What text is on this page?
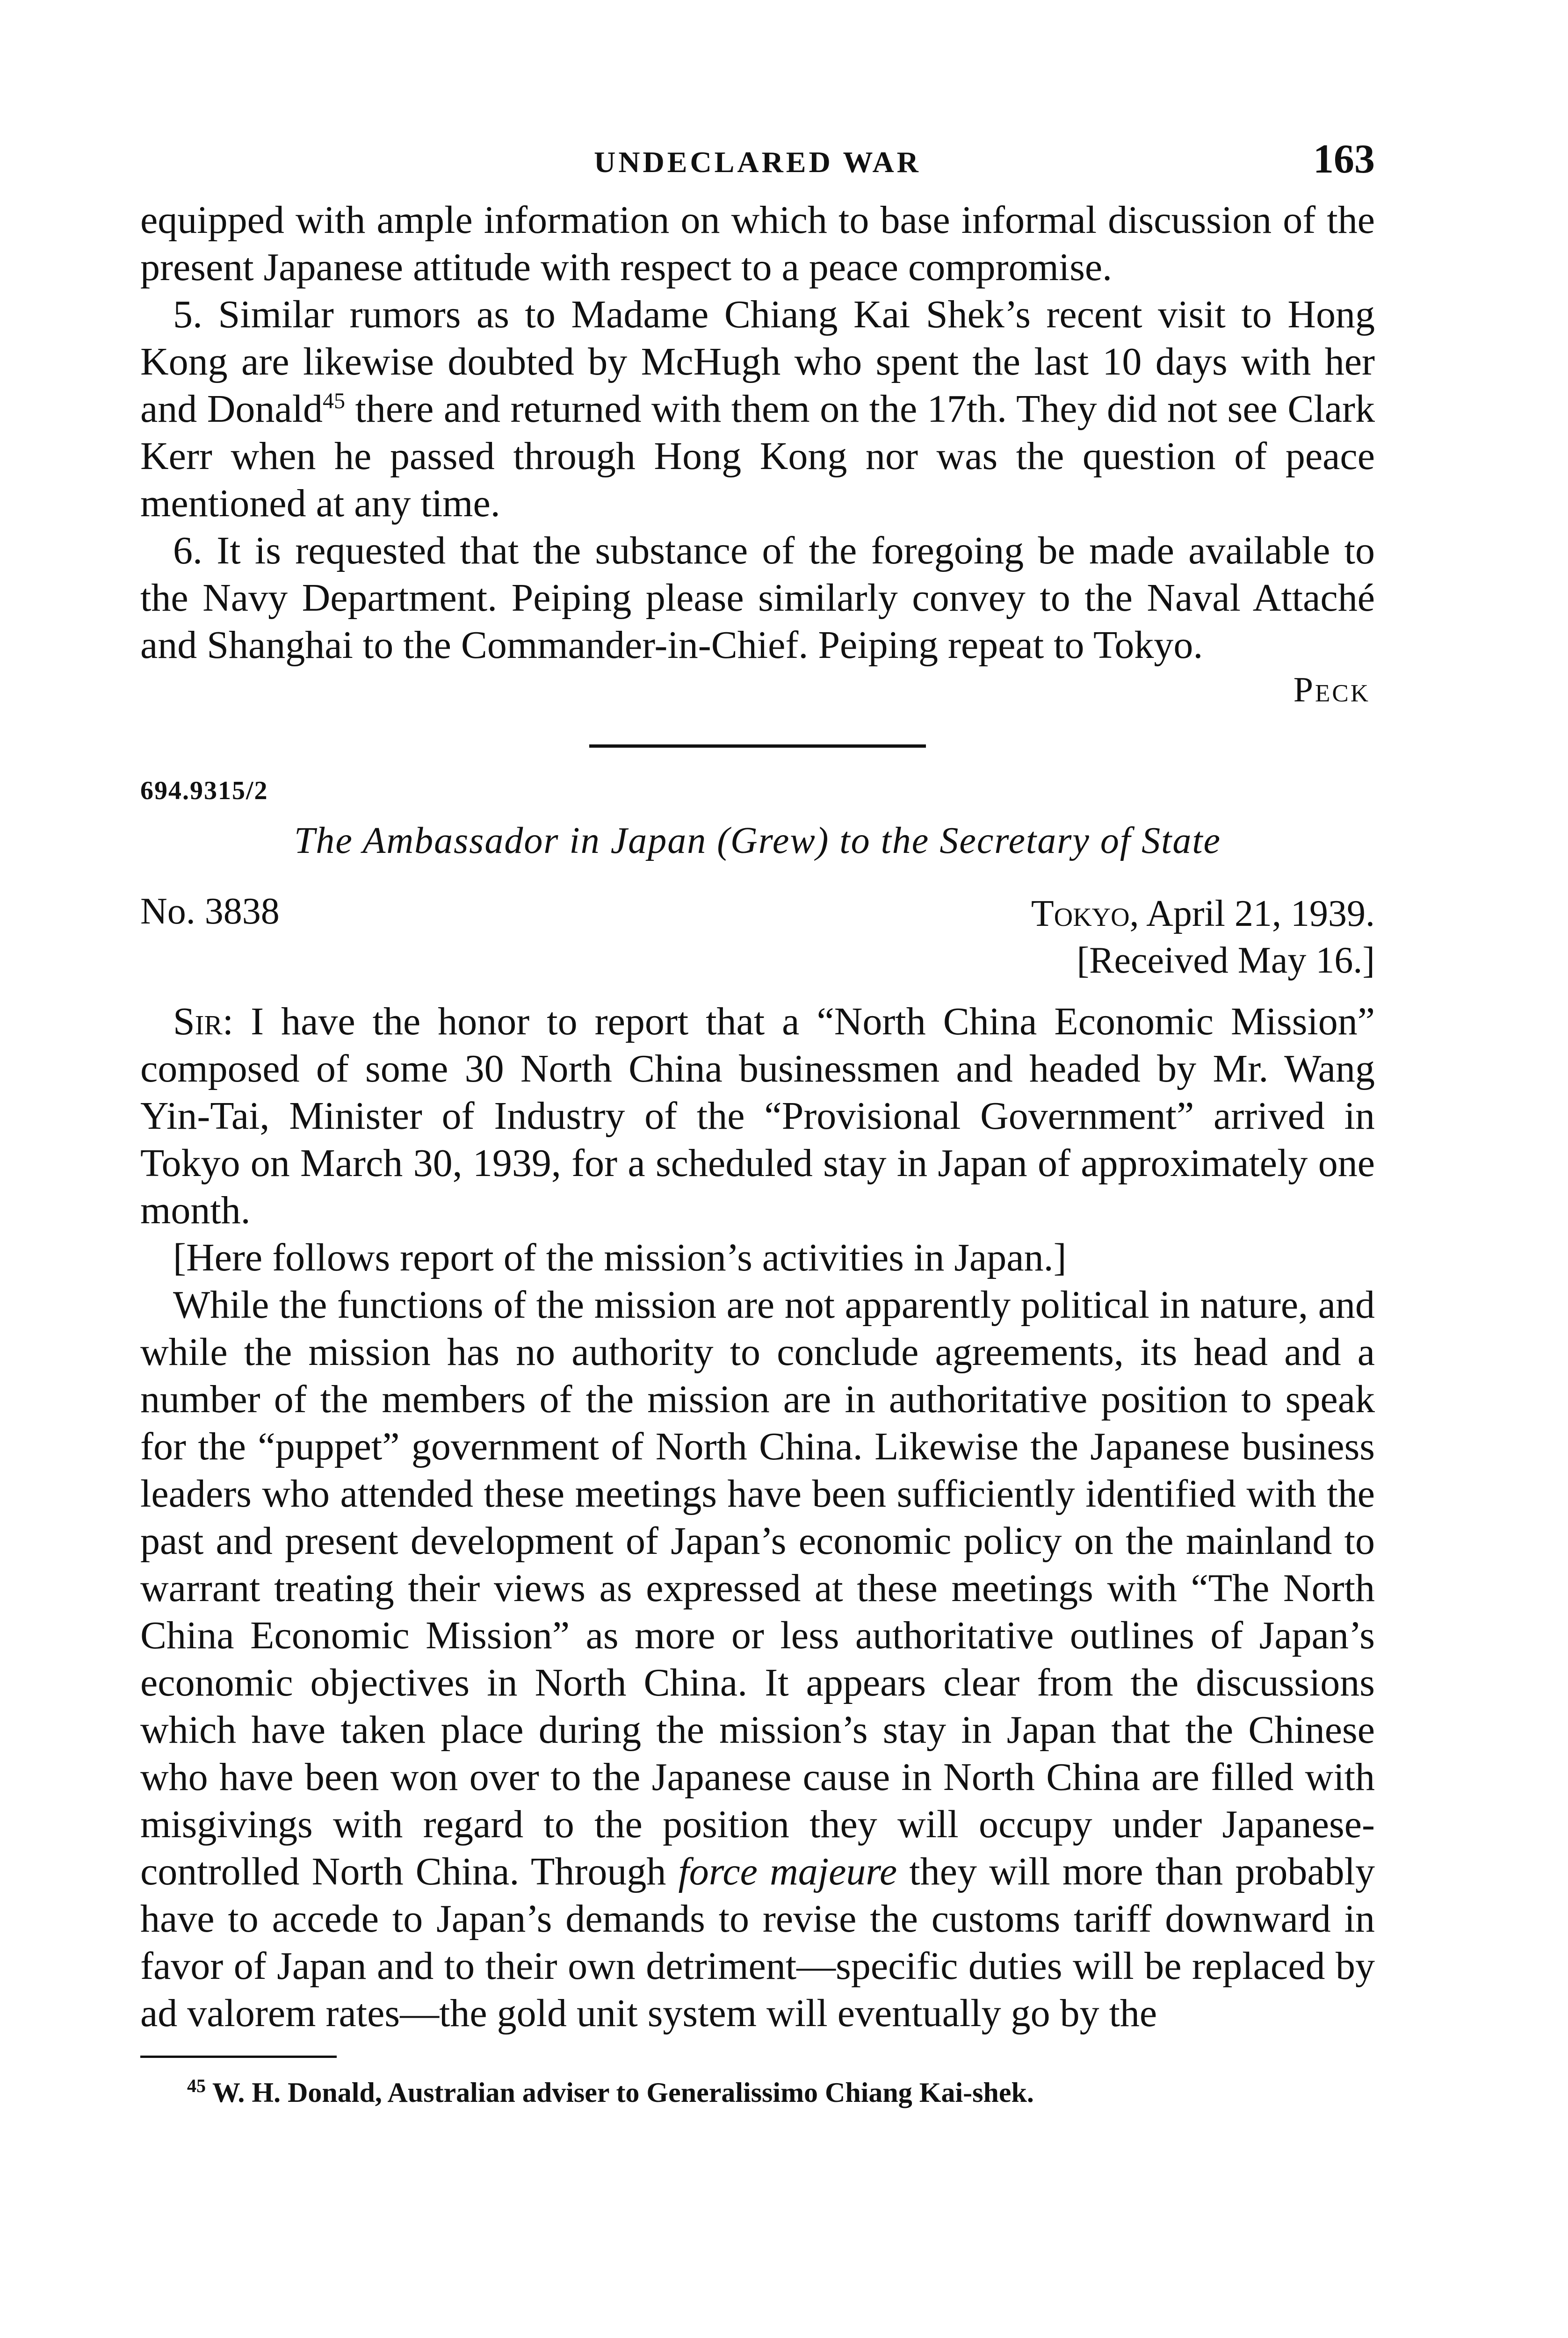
UNDECLARED WAR	163

equipped with ample information on which to base informal discussion of the present Japanese attitude with respect to a peace compromise.

5. Similar rumors as to Madame Chiang Kai Shek’s recent visit to Hong Kong are likewise doubted by McHugh who spent the last 10 days with her and Donald$^{45}$ there and returned with them on the 17th. They did not see Clark Kerr when he passed through Hong Kong nor was the question of peace mentioned at any time.

6. It is requested that the substance of the foregoing be made available to the Navy Department. Peiping please similarly convey to the Naval Attaché and Shanghai to the Commander-in-Chief. Peiping repeat to Tokyo.

Peck
694.9315/2
The Ambassador in Japan (Grew) to the Secretary of State
No. 3838	Tokyo, April 21, 1939.
[Received May 16.]

Sir: I have the honor to report that a “North China Economic Mission” composed of some 30 North China businessmen and headed by Mr. Wang Yin-Tai, Minister of Industry of the “Provisional Government” arrived in Tokyo on March 30, 1939, for a scheduled stay in Japan of approximately one month.

[Here follows report of the mission’s activities in Japan.]

While the functions of the mission are not apparently political in nature, and while the mission has no authority to conclude agreements, its head and a number of the members of the mission are in authoritative position to speak for the “puppet” government of North China. Likewise the Japanese business leaders who attended these meetings have been sufficiently identified with the past and present development of Japan’s economic policy on the mainland to warrant treating their views as expressed at these meetings with “The North China Economic Mission” as more or less authoritative outlines of Japan’s economic objectives in North China. It appears clear from the discussions which have taken place during the mission’s stay in Japan that the Chinese who have been won over to the Japanese cause in North China are filled with misgivings with regard to the position they will occupy under Japanese-controlled North China. Through force majeure they will more than probably have to accede to Japan’s demands to revise the customs tariff downward in favor of Japan and to their own detriment—specific duties will be replaced by ad valorem rates—the gold unit system will eventually go by the

$^{45}$ W. H. Donald, Australian adviser to Generalissimo Chiang Kai-shek.
